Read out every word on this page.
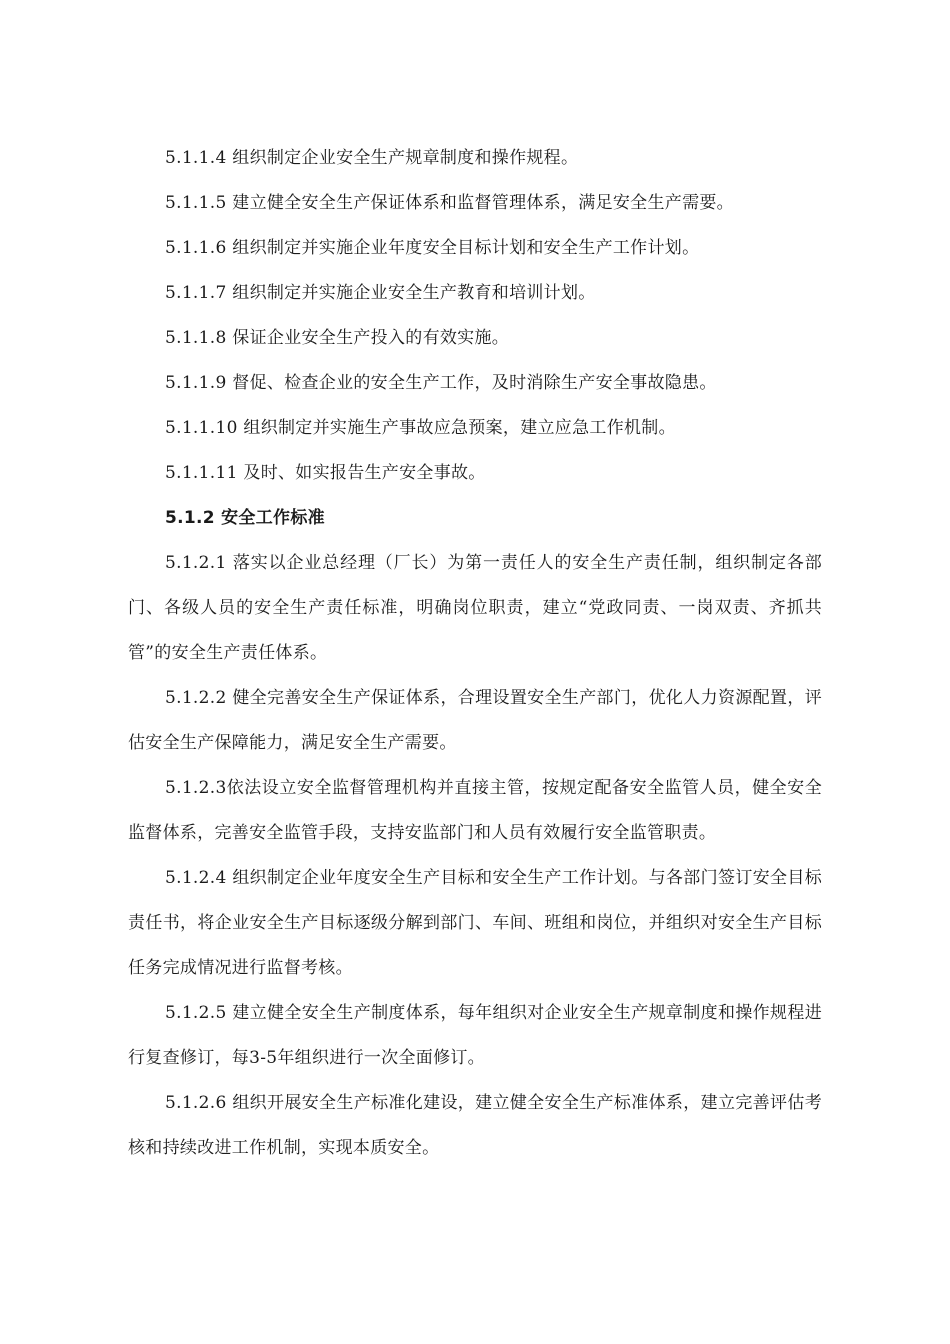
5.1.1.4 组织制定企业安全生产规章制度和操作规程。

5.1.1.5 建立健全安全生产保证体系和监督管理体系，满足安全生产需要。

5.1.1.6 组织制定并实施企业年度安全目标计划和安全生产工作计划。

5.1.1.7 组织制定并实施企业安全生产教育和培训计划。

5.1.1.8 保证企业安全生产投入的有效实施。

5.1.1.9 督促、检查企业的安全生产工作，及时消除生产安全事故隐患。

5.1.1.10 组织制定并实施生产事故应急预案，建立应急工作机制。

5.1.1.11 及时、如实报告生产安全事故。

5.1.2 安全工作标准

5.1.2.1 落实以企业总经理（厂长）为第一责任人的安全生产责任制，组织制定各部门、各级人员的安全生产责任标准，明确岗位职责，建立“党政同责、一岗双责、齐抓共管”的安全生产责任体系。

5.1.2.2 健全完善安全生产保证体系，合理设置安全生产部门，优化人力资源配置，评估安全生产保障能力，满足安全生产需要。

5.1.2.3依法设立安全监督管理机构并直接主管，按规定配备安全监管人员，健全安全监督体系，完善安全监管手段，支持安监部门和人员有效履行安全监管职责。

5.1.2.4 组织制定企业年度安全生产目标和安全生产工作计划。与各部门签订安全目标责任书，将企业安全生产目标逐级分解到部门、车间、班组和岗位，并组织对安全生产目标任务完成情况进行监督考核。

5.1.2.5 建立健全安全生产制度体系，每年组织对企业安全生产规章制度和操作规程进行复查修订，每3-5年组织进行一次全面修订。

5.1.2.6 组织开展安全生产标准化建设，建立健全安全生产标准体系，建立完善评估考核和持续改进工作机制，实现本质安全。
